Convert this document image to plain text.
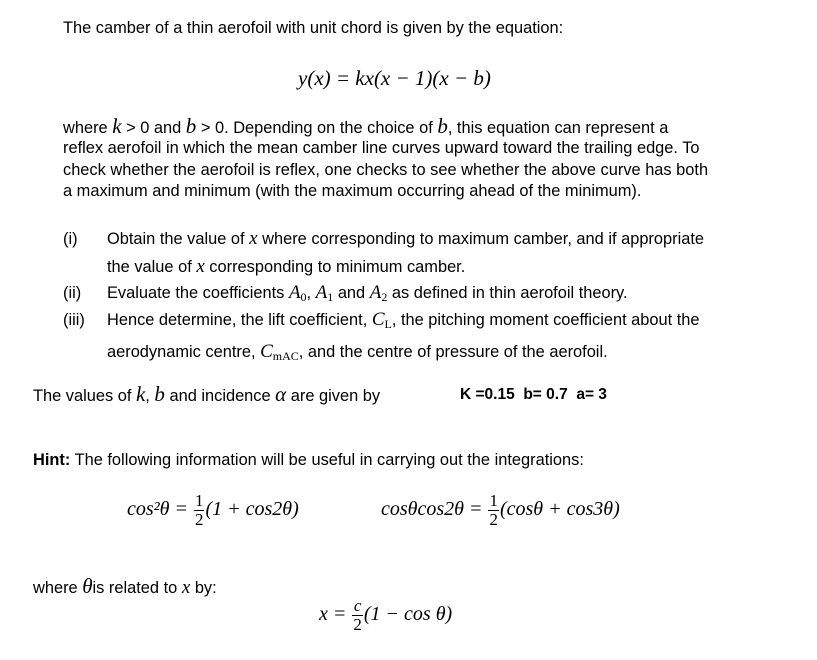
The camber of a thin aerofoil with unit chord is given by the equation:
y(x) = kx(x − 1)(x − b)
where k > 0 and b > 0. Depending on the choice of b, this equation can represent a
reflex aerofoil in which the mean camber line curves upward toward the trailing edge. To
check whether the aerofoil is reflex, one checks to see whether the above curve has both
a maximum and minimum (with the maximum occurring ahead of the minimum).
(i) Obtain the value of x where corresponding to maximum camber, and if appropriate
the value of x corresponding to minimum camber.
(ii) Evaluate the coefficients $A_0$, $A_1$ and $A_2$ as defined in thin aerofoil theory.
(iii) Hence determine, the lift coefficient, $C_L$, the pitching moment coefficient about the
aerodynamic centre, $C_{mAC}$, and the centre of pressure of the aerofoil.
The values of k, b and incidence α are given by	K =0.15  b= 0.7  a= 3
Hint: The following information will be useful in carrying out the integrations:
$\cos^2\theta = \frac{1}{2} (1 + \cos 2\theta)$	$\cos\theta\cos 2\theta = \frac{1}{2} (\cos\theta + \cos 3\theta)$
where θis related to x by:
$x = \frac{c}{2} (1 - \cos \theta)$
